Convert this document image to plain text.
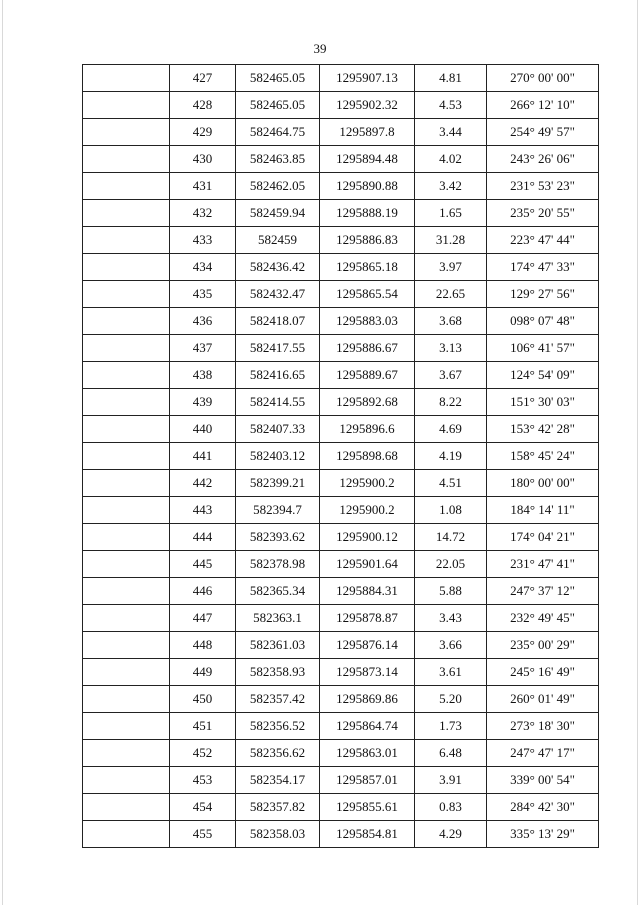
39
	427	582465.05	1295907.13	4.81	270° 00' 00"
	428	582465.05	1295902.32	4.53	266° 12' 10"
	429	582464.75	1295897.8	3.44	254° 49' 57"
	430	582463.85	1295894.48	4.02	243° 26' 06"
	431	582462.05	1295890.88	3.42	231° 53' 23"
	432	582459.94	1295888.19	1.65	235° 20' 55"
	433	582459	1295886.83	31.28	223° 47' 44"
	434	582436.42	1295865.18	3.97	174° 47' 33"
	435	582432.47	1295865.54	22.65	129° 27' 56"
	436	582418.07	1295883.03	3.68	098° 07' 48"
	437	582417.55	1295886.67	3.13	106° 41' 57"
	438	582416.65	1295889.67	3.67	124° 54' 09"
	439	582414.55	1295892.68	8.22	151° 30' 03"
	440	582407.33	1295896.6	4.69	153° 42' 28"
	441	582403.12	1295898.68	4.19	158° 45' 24"
	442	582399.21	1295900.2	4.51	180° 00' 00"
	443	582394.7	1295900.2	1.08	184° 14' 11"
	444	582393.62	1295900.12	14.72	174° 04' 21"
	445	582378.98	1295901.64	22.05	231° 47' 41"
	446	582365.34	1295884.31	5.88	247° 37' 12"
	447	582363.1	1295878.87	3.43	232° 49' 45"
	448	582361.03	1295876.14	3.66	235° 00' 29"
	449	582358.93	1295873.14	3.61	245° 16' 49"
	450	582357.42	1295869.86	5.20	260° 01' 49"
	451	582356.52	1295864.74	1.73	273° 18' 30"
	452	582356.62	1295863.01	6.48	247° 47' 17"
	453	582354.17	1295857.01	3.91	339° 00' 54"
	454	582357.82	1295855.61	0.83	284° 42' 30"
	455	582358.03	1295854.81	4.29	335° 13' 29"
